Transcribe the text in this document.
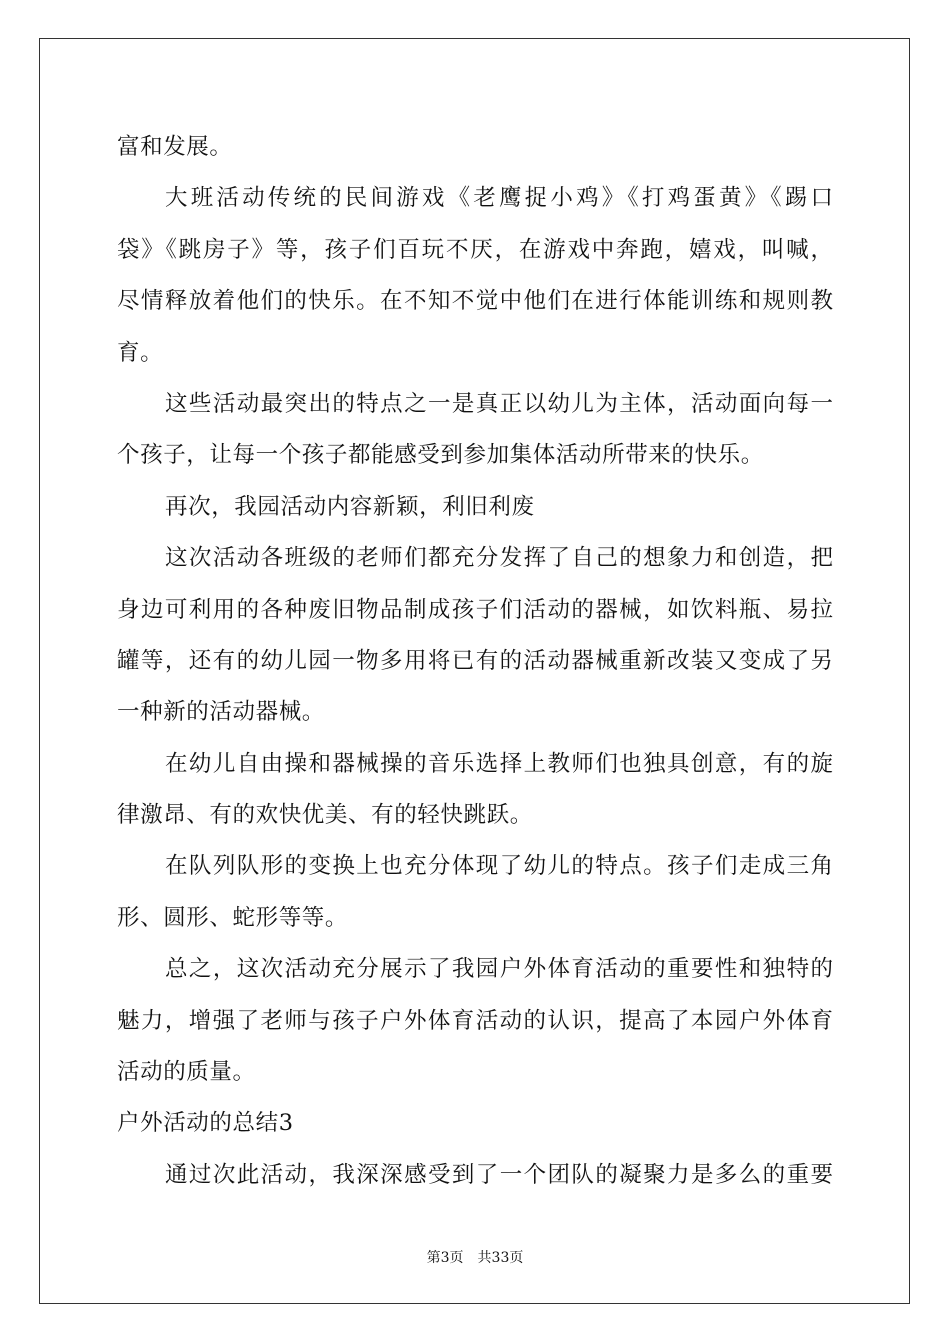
富和发展。
大班活动传统的民间游戏《老鹰捉小鸡》《打鸡蛋黄》《踢口
袋》《跳房子》等，孩子们百玩不厌，在游戏中奔跑，嬉戏，叫喊，
尽情释放着他们的快乐。在不知不觉中他们在进行体能训练和规则教
育。
这些活动最突出的特点之一是真正以幼儿为主体，活动面向每一
个孩子，让每一个孩子都能感受到参加集体活动所带来的快乐。
再次，我园活动内容新颖，利旧利废
这次活动各班级的老师们都充分发挥了自己的想象力和创造，把
身边可利用的各种废旧物品制成孩子们活动的器械，如饮料瓶、易拉
罐等，还有的幼儿园一物多用将已有的活动器械重新改装又变成了另
一种新的活动器械。
在幼儿自由操和器械操的音乐选择上教师们也独具创意，有的旋
律激昂、有的欢快优美、有的轻快跳跃。
在队列队形的变换上也充分体现了幼儿的特点。孩子们走成三角
形、圆形、蛇形等等。
总之，这次活动充分展示了我园户外体育活动的重要性和独特的
魅力，增强了老师与孩子户外体育活动的认识，提高了本园户外体育
活动的质量。
户外活动的总结3
通过次此活动，我深深感受到了一个团队的凝聚力是多么的重要
第3页 共33页
